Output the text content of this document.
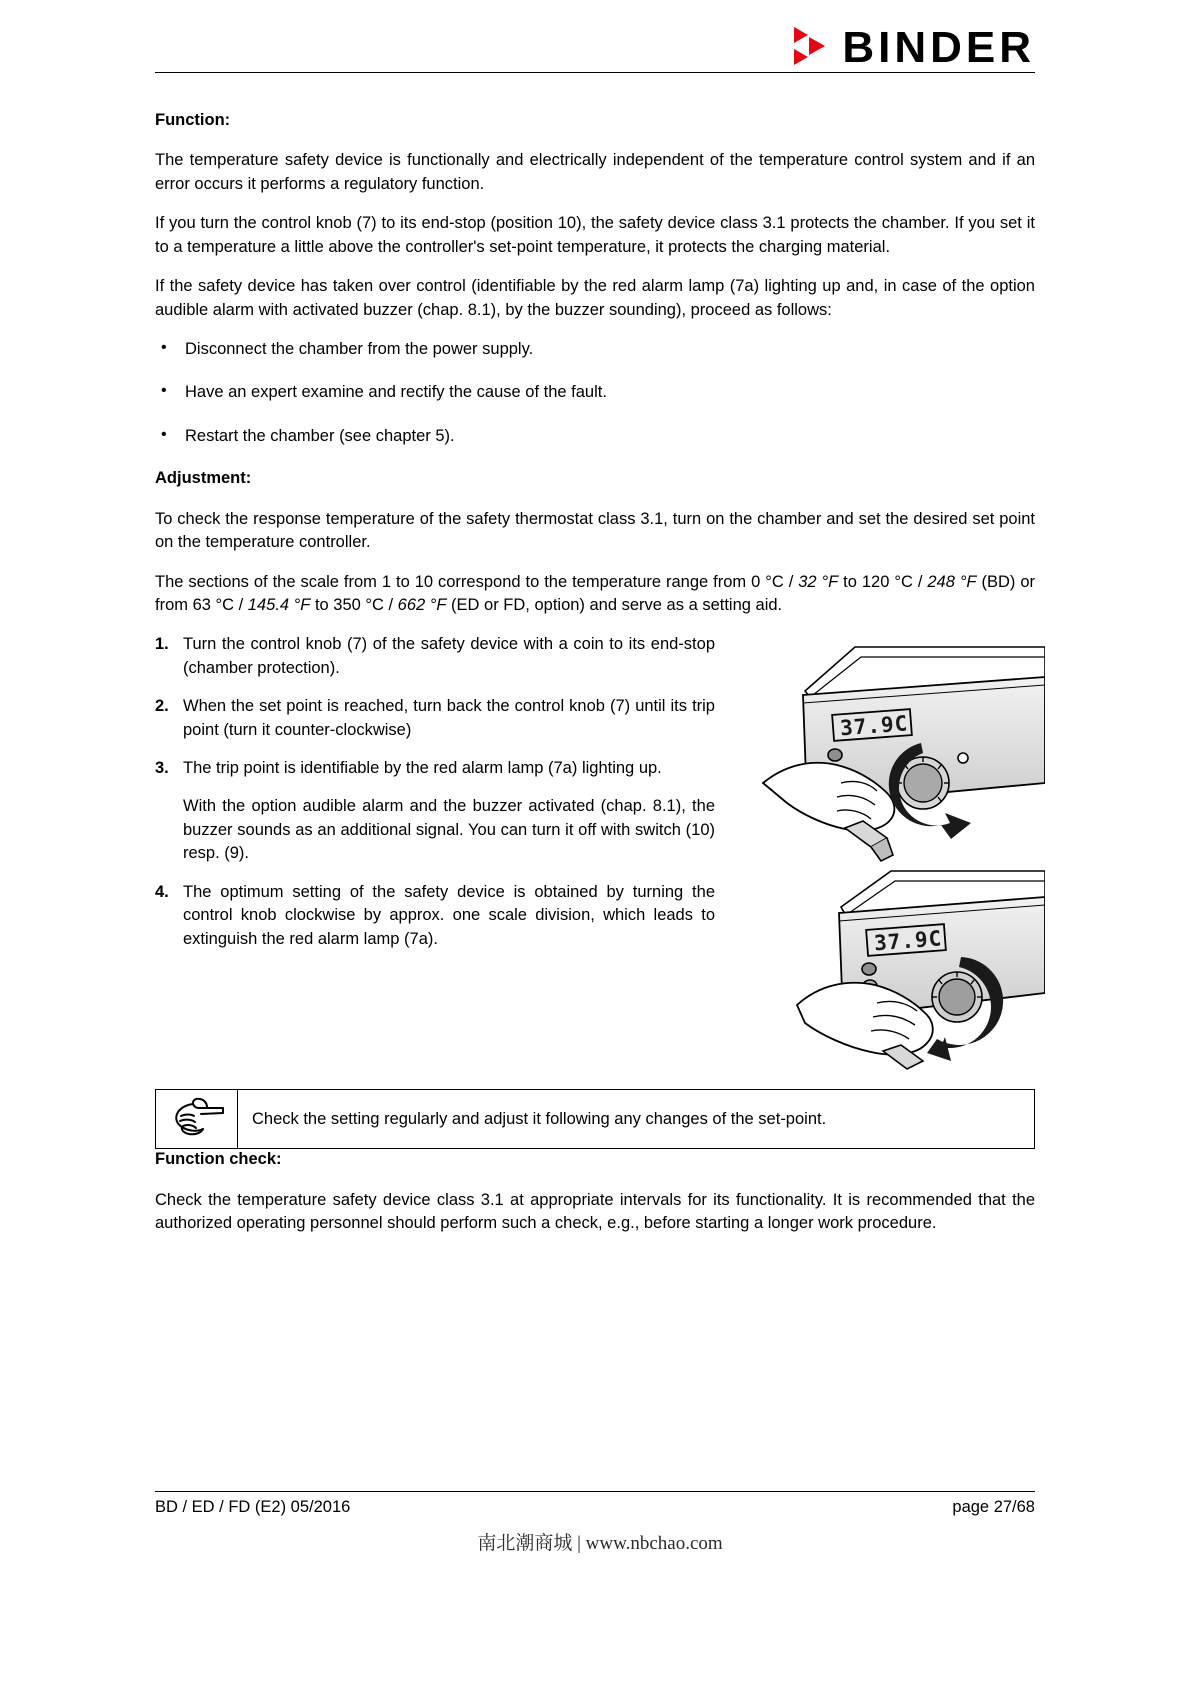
BINDER
Function:

The temperature safety device is functionally and electrically independent of the temperature control system and if an error occurs it performs a regulatory function.

If you turn the control knob (7) to its end-stop (position 10), the safety device class 3.1 protects the chamber. If you set it to a temperature a little above the controller's set-point temperature, it protects the charging material.

If the safety device has taken over control (identifiable by the red alarm lamp (7a) lighting up and, in case of the option audible alarm with activated buzzer (chap. 8.1), by the buzzer sounding), proceed as follows:

• Disconnect the chamber from the power supply.
• Have an expert examine and rectify the cause of the fault.
• Restart the chamber (see chapter 5).
Adjustment:

To check the response temperature of the safety thermostat class 3.1, turn on the chamber and set the desired set point on the temperature controller.

The sections of the scale from 1 to 10 correspond to the temperature range from 0 °C / 32 °F to 120 °C / 248 °F (BD) or from 63 °C / 145.4 °F to 350 °C / 662 °F (ED or FD, option) and serve as a setting aid.

1. Turn the control knob (7) of the safety device with a coin to its end-stop (chamber protection).

2. When the set point is reached, turn back the control knob (7) until its trip point (turn it counter-clockwise)

3. The trip point is identifiable by the red alarm lamp (7a) lighting up.

With the option audible alarm and the buzzer activated (chap. 8.1), the buzzer sounds as an additional signal. You can turn it off with switch (10) resp. (9).

4. The optimum setting of the safety device is obtained by turning the control knob clockwise by approx. one scale division, which leads to extinguish the red alarm lamp (7a).

37.9C
37.9C
Check the setting regularly and adjust it following any changes of the set-point.
Function check:

Check the temperature safety device class 3.1 at appropriate intervals for its functionality. It is recommended that the authorized operating personnel should perform such a check, e.g., before starting a longer work procedure.

BD / ED / FD (E2) 05/2016	page 27/68
南北潮商城 | www.nbchao.com
